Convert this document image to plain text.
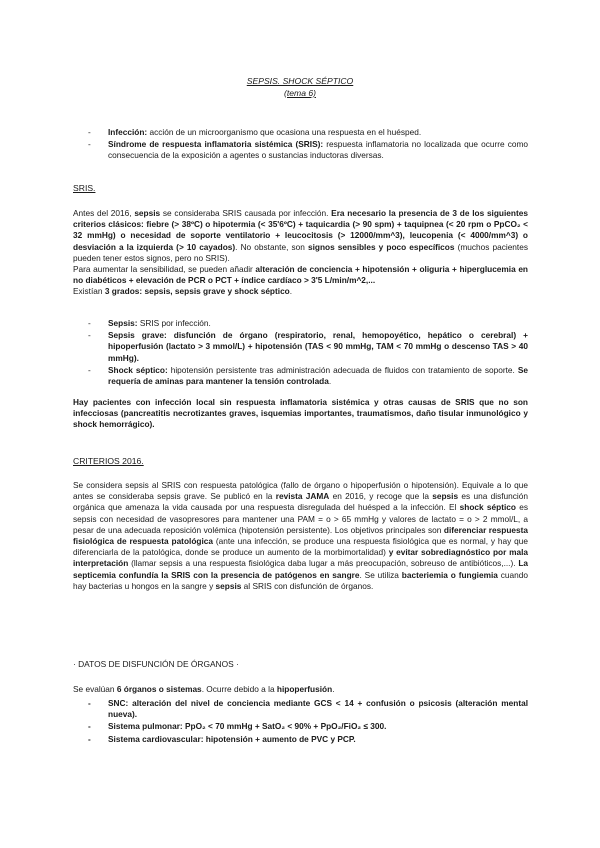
SEPSIS. SHOCK SÉPTICO
(tema 6)
- Infección: acción de un microorganismo que ocasiona una respuesta en el huésped.
- Síndrome de respuesta inflamatoria sistémica (SRIS): respuesta inflamatoria no localizada que ocurre como consecuencia de la exposición a agentes o sustancias inductoras diversas.
SRIS.
Antes del 2016, sepsis se consideraba SRIS causada por infección. Era necesario la presencia de 3 de los siguientes criterios clásicos: fiebre (> 38ºC) o hipotermia (< 35'6ºC) + taquicardia (> 90 spm) + taquipnea (< 20 rpm o PpCO₂ < 32 mmHg) o necesidad de soporte ventilatorio + leucocitosis (> 12000/mm^3), leucopenia (< 4000/mm^3) o desviación a la izquierda (> 10 cayados). No obstante, son signos sensibles y poco específicos (muchos pacientes pueden tener estos signos, pero no SRIS).
Para aumentar la sensibilidad, se pueden añadir alteración de conciencia + hipotensión + oliguria + hiperglucemia en no diabéticos + elevación de PCR o PCT + índice cardíaco > 3'5 L/min/m^2,...
Existían 3 grados: sepsis, sepsis grave y shock séptico.
- Sepsis: SRIS por infección.
- Sepsis grave: disfunción de órgano (respiratorio, renal, hemopoyético, hepático o cerebral) + hipoperfusión (lactato > 3 mmol/L) + hipotensión (TAS < 90 mmHg, TAM < 70 mmHg o descenso TAS > 40 mmHg).
- Shock séptico: hipotensión persistente tras administración adecuada de fluidos con tratamiento de soporte. Se requería de aminas para mantener la tensión controlada.
Hay pacientes con infección local sin respuesta inflamatoria sistémica y otras causas de SRIS que no son infecciosas (pancreatitis necrotizantes graves, isquemias importantes, traumatismos, daño tisular inmunológico y shock hemorrágico).
CRITERIOS 2016.
Se considera sepsis al SRIS con respuesta patológica (fallo de órgano o hipoperfusión o hipotensión). Equivale a lo que antes se consideraba sepsis grave. Se publicó en la revista JAMA en 2016, y recoge que la sepsis es una disfunción orgánica que amenaza la vida causada por una respuesta disregulada del huésped a la infección. El shock séptico es sepsis con necesidad de vasopresores para mantener una PAM = o > 65 mmHg y valores de lactato = o > 2 mmol/L, a pesar de una adecuada reposición volémica (hipotensión persistente). Los objetivos principales son diferenciar respuesta fisiológica de respuesta patológica (ante una infección, se produce una respuesta fisiológica que es normal, y hay que diferenciarla de la patológica, donde se produce un aumento de la morbimortalidad) y evitar sobrediagnóstico por mala interpretación (llamar sepsis a una respuesta fisiológica daba lugar a más preocupación, sobreuso de antibióticos,...). La septicemia confundía la SRIS con la presencia de patógenos en sangre. Se utiliza bacteriemia o fungiemia cuando hay bacterias u hongos en la sangre y sepsis al SRIS con disfunción de órganos.
· DATOS DE DISFUNCIÓN DE ÓRGANOS ·
Se evalúan 6 órganos o sistemas. Ocurre debido a la hipoperfusión.
- SNC: alteración del nivel de conciencia mediante GCS < 14 + confusión o psicosis (alteración mental nueva).
- Sistema pulmonar: PpO₂ < 70 mmHg + SatO₂ < 90% + PpO₂/FiO₂ ≤ 300.
- Sistema cardiovascular: hipotensión + aumento de PVC y PCP.
